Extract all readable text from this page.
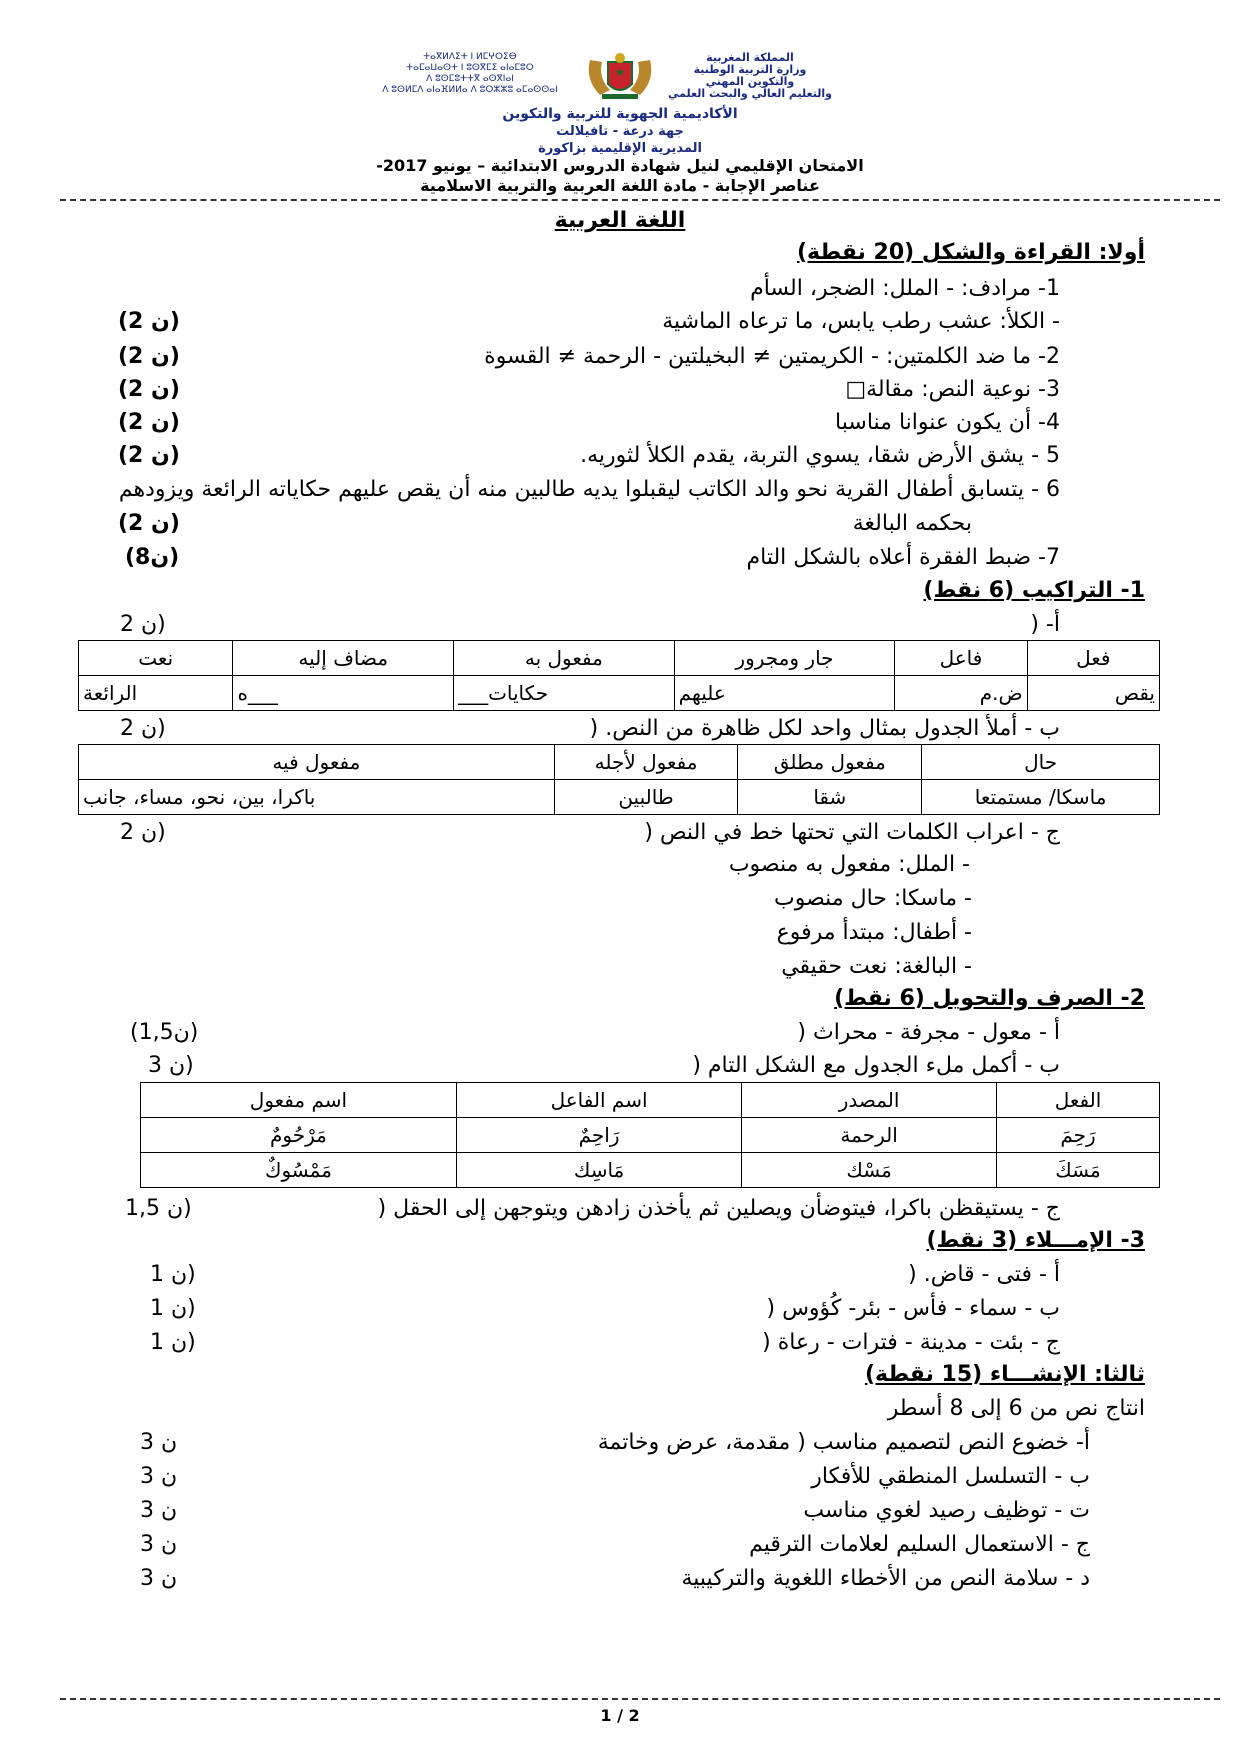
ⵜⴰⴳⵍⴷⵉⵜ ⵏ ⵍⵎⵖⵔⵉⴱ
ⵜⴰⵎⴰⵡⴰⵙⵜ ⵏ ⵓⵙⴳⵎⵉ ⴰⵏⴰⵎⵓⵔ
ⴷ ⵓⵙⵎⵓⵜⵜⴳ ⴰⵙⴳⵏⴰⵏ
ⴷ ⵓⵙⵍⵎⴷ ⴰⵏⴰⴼⵍⵍⴰ ⴷ ⵓⵔⵣⵣⵓ ⴰⵎⴰⵙⵙⴰⵏ
المملكة المغربية
وزارة التربية الوطنية
والتكوين المهني
والتعليم العالي والبحث العلمي
الأكاديمية الجهوية للتربية والتكوين
جهة درعة - تافيلالت
المديرية الإقليمية بزاكورة
الامتحان الإقليمي لنيل شهادة الدروس الابتدائية – يونيو 2017-
عناصر الإجابة - مادة اللغة العربية والتربية الاسلامية
اللغة العربية
أولا: القراءة والشكل (20 نقطة)
1- مرادف: - الملل: الضجر، السأم
- الكلأ: عشب رطب يابس، ما ترعاه الماشية
(2 ن)
2- ما ضد الكلمتين: - الكريمتين ≠ البخيلتين - الرحمة ≠ القسوة
(2 ن)
3- نوعية النص: مقالة□
(2 ن)
4- أن يكون عنوانا مناسبا
(2 ن)
5 - يشق الأرض شقا، يسوي التربة، يقدم الكلأ لثوريه.
(2 ن)
6 - يتسابق أطفال القرية نحو والد الكاتب ليقبلوا يديه طالبين منه أن يقص عليهم حكاياته الرائعة ويزودهم
بحكمه البالغة
(2 ن)
7- ضبط الفقرة أعلاه بالشكل التام
(8ن)
1- التراكيب (6 نقط)
أ- (
2 ن)
فعل	فاعل	جار ومجرور	مفعول به	مضاف إليه	نعت
يقص	ض.م	عليهم	حكايات___	___ه	الرائعة
ب - أملأ الجدول بمثال واحد لكل ظاهرة من النص. (
2 ن)
حال	مفعول مطلق	مفعول لأجله	مفعول فيه
ماسكا/ مستمتعا	شقا	طالبين	باكرا، بين، نحو، مساء، جانب
ج - اعراب الكلمات التي تحتها خط في النص (
2 ن)
- الملل: مفعول به منصوب
- ماسكا: حال منصوب
- أطفال: مبتدأ مرفوع
- البالغة: نعت حقيقي
2- الصرف والتحويل (6 نقط)
أ - معول - مجرفة - محراث (
(1,5ن)
ب - أكمل ملء الجدول مع الشكل التام (
3 ن)
الفعل	المصدر	اسم الفاعل	اسم مفعول
رَحِمَ	الرحمة	رَاحِمٌ	مَرْحُومٌ
مَسَكَ	مَسْك	مَاسِك	مَمْسُوكٌ
ج - يستيقظن باكرا، فيتوضأن ويصلين ثم يأخذن زادهن ويتوجهن إلى الحقل (
1,5 ن)
3- الإمـــلاء (3 نقط)
أ - فتى - قاض. (
1 ن)
ب - سماء - فأس - بئر- كُؤوس (
1 ن)
ج - بئت - مدينة - فترات - رعاة (
1 ن)
ثالثا: الإنشـــاء (15 نقطة)
انتاج نص من 6 إلى 8 أسطر
أ- خضوع النص لتصميم مناسب ( مقدمة، عرض وخاتمة
3 ن
ب - التسلسل المنطقي للأفكار
3 ن
ت - توظيف رصيد لغوي مناسب
3 ن
ج - الاستعمال السليم لعلامات الترقيم
3 ن
د - سلامة النص من الأخطاء اللغوية والتركيبية
3 ن
1 / 2
